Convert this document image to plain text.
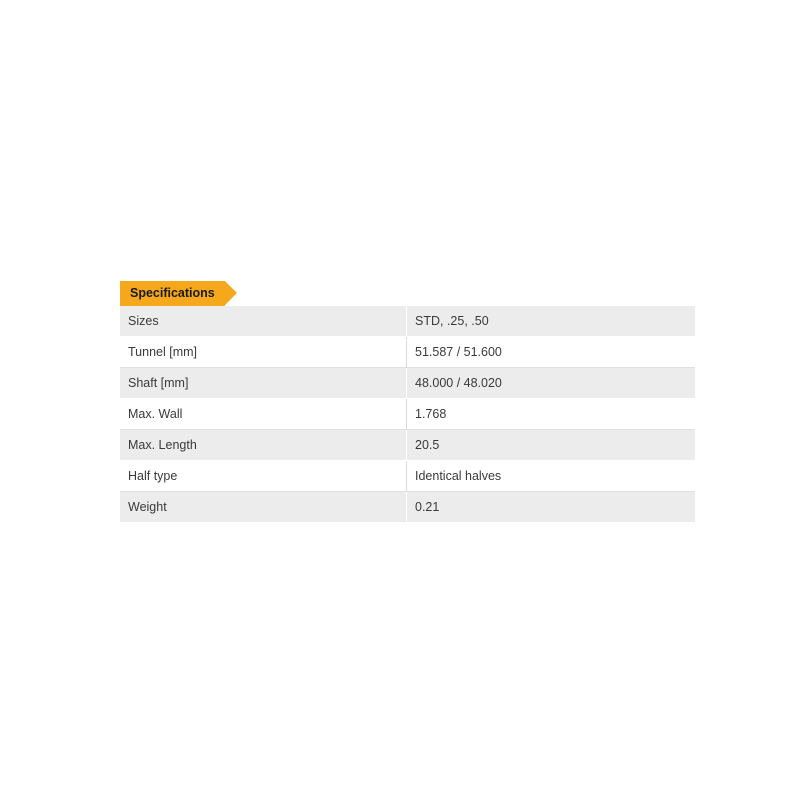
Specifications
Sizes	STD, .25, .50
Tunnel [mm]	51.587 / 51.600
Shaft [mm]	48.000 / 48.020
Max. Wall	1.768
Max. Length	20.5
Half type	Identical halves
Weight	0.21
